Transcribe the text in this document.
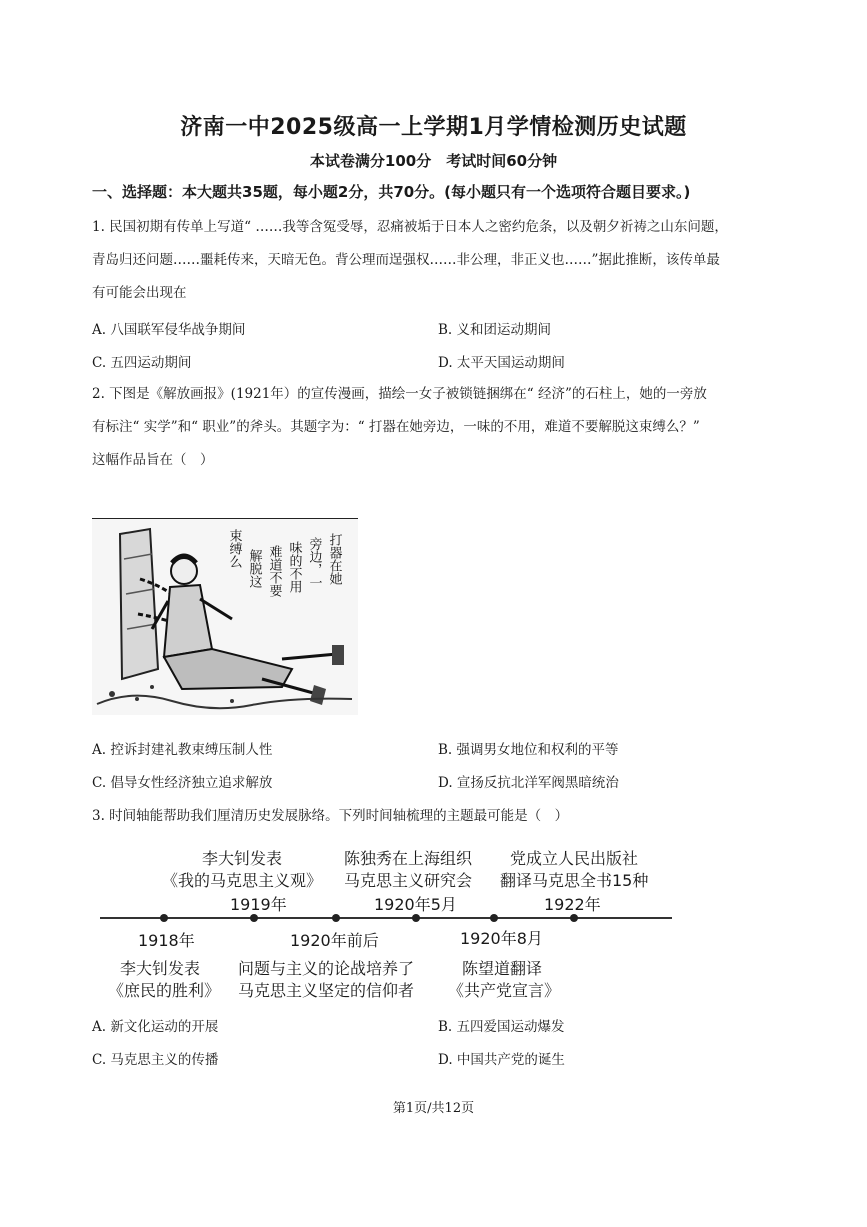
济南一中2025级高一上学期1月学情检测历史试题
本试卷满分100分　考试时间60分钟
一、选择题：本大题共35题，每小题2分，共70分。(每小题只有一个选项符合题目要求。)
1. 民国初期有传单上写道“ ……我等含冤受辱，忍痛被垢于日本人之密约危条，以及朝夕祈祷之山东问题，
青岛归还问题……噩耗传来，天暗无色。背公理而逞强权……非公理，非正义也……”据此推断，该传单最
有可能会出现在
A. 八国联军侵华战争期间	B. 义和团运动期间
C. 五四运动期间	D. 太平天国运动期间
2. 下图是《解放画报》(1921年）的宣传漫画，描绘一女子被锁链捆绑在“ 经济”的石柱上，她的一旁放
有标注“ 实学”和“ 职业”的斧头。其题字为：“ 打器在她旁边，一味的不用，难道不要解脱这束缚么？”
这幅作品旨在（　）
打器在她
旁边，一
味的不用
难道不要
解脱这
束缚么
A. 控诉封建礼教束缚压制人性	B. 强调男女地位和权利的平等
C. 倡导女性经济独立追求解放	D. 宣扬反抗北洋军阀黑暗统治
3. 时间轴能帮助我们厘清历史发展脉络。下列时间轴梳理的主题最可能是（　）
李大钊发表
《我的马克思主义观》
1919年
陈独秀在上海组织
马克思主义研究会
1920年5月
党成立人民出版社
翻译马克思全书15种
1922年
1918年
李大钊发表
《庶民的胜利》
1920年前后
问题与主义的论战培养了
马克思主义坚定的信仰者
1920年8月
陈望道翻译
《共产党宣言》
A. 新文化运动的开展	B. 五四爱国运动爆发
C. 马克思主义的传播	D. 中国共产党的诞生
第1页/共12页
